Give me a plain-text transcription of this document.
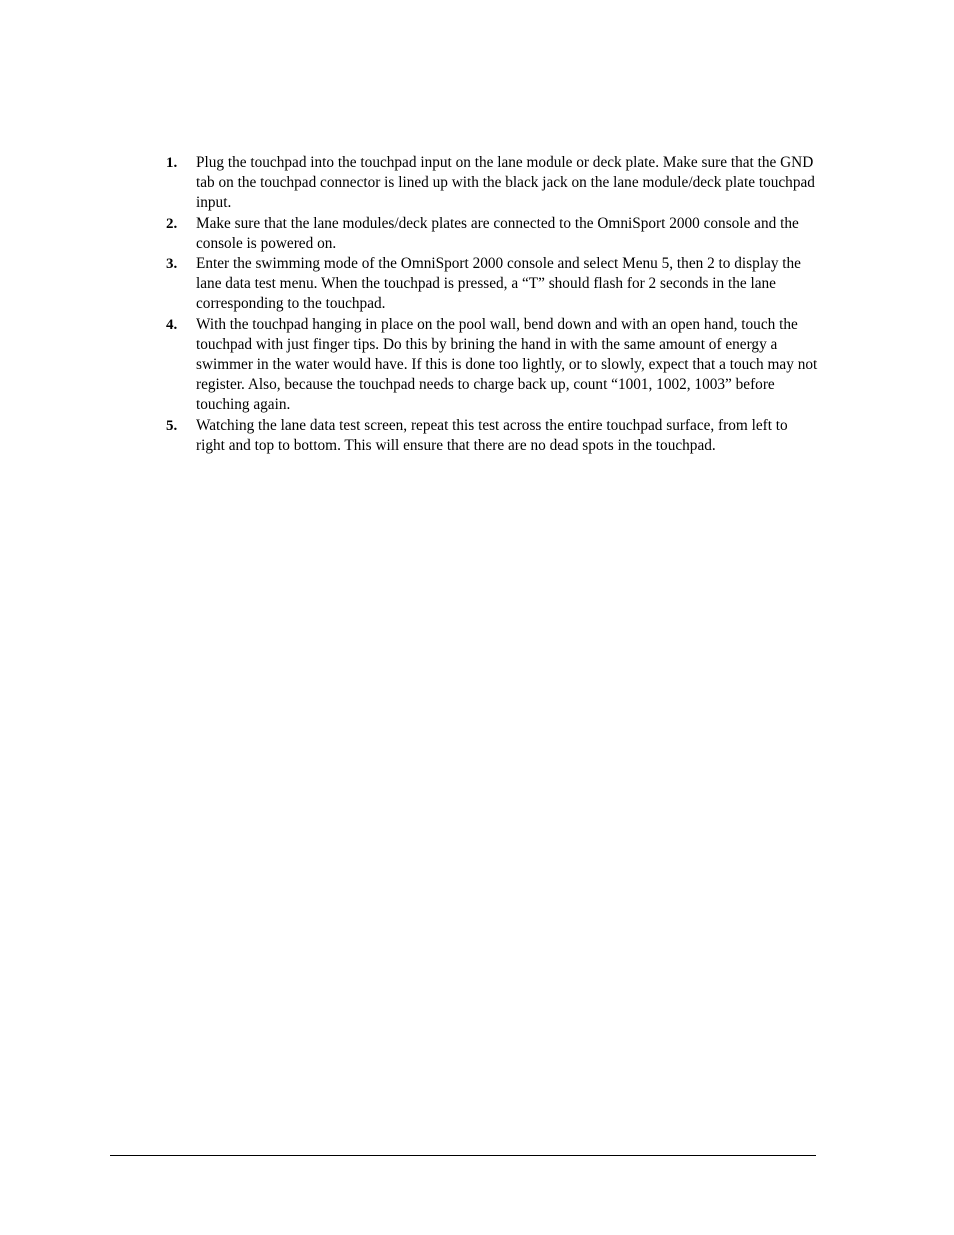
1.	Plug the touchpad into the touchpad input on the lane module or deck plate. Make sure that the GND tab on the touchpad connector is lined up with the black jack on the lane module/deck plate touchpad input.
2.	Make sure that the lane modules/deck plates are connected to the OmniSport 2000 console and the console is powered on.
3.	Enter the swimming mode of the OmniSport 2000 console and select Menu 5, then 2 to display the lane data test menu. When the touchpad is pressed, a “T” should flash for 2 seconds in the lane corresponding to the touchpad.
4.	With the touchpad hanging in place on the pool wall, bend down and with an open hand, touch the touchpad with just finger tips. Do this by brining the hand in with the same amount of energy a swimmer in the water would have. If this is done too lightly, or to slowly, expect that a touch may not register. Also, because the touchpad needs to charge back up, count “1001, 1002, 1003” before touching again.
5.	Watching the lane data test screen, repeat this test across the entire touchpad surface, from left to right and top to bottom. This will ensure that there are no dead spots in the touchpad.
